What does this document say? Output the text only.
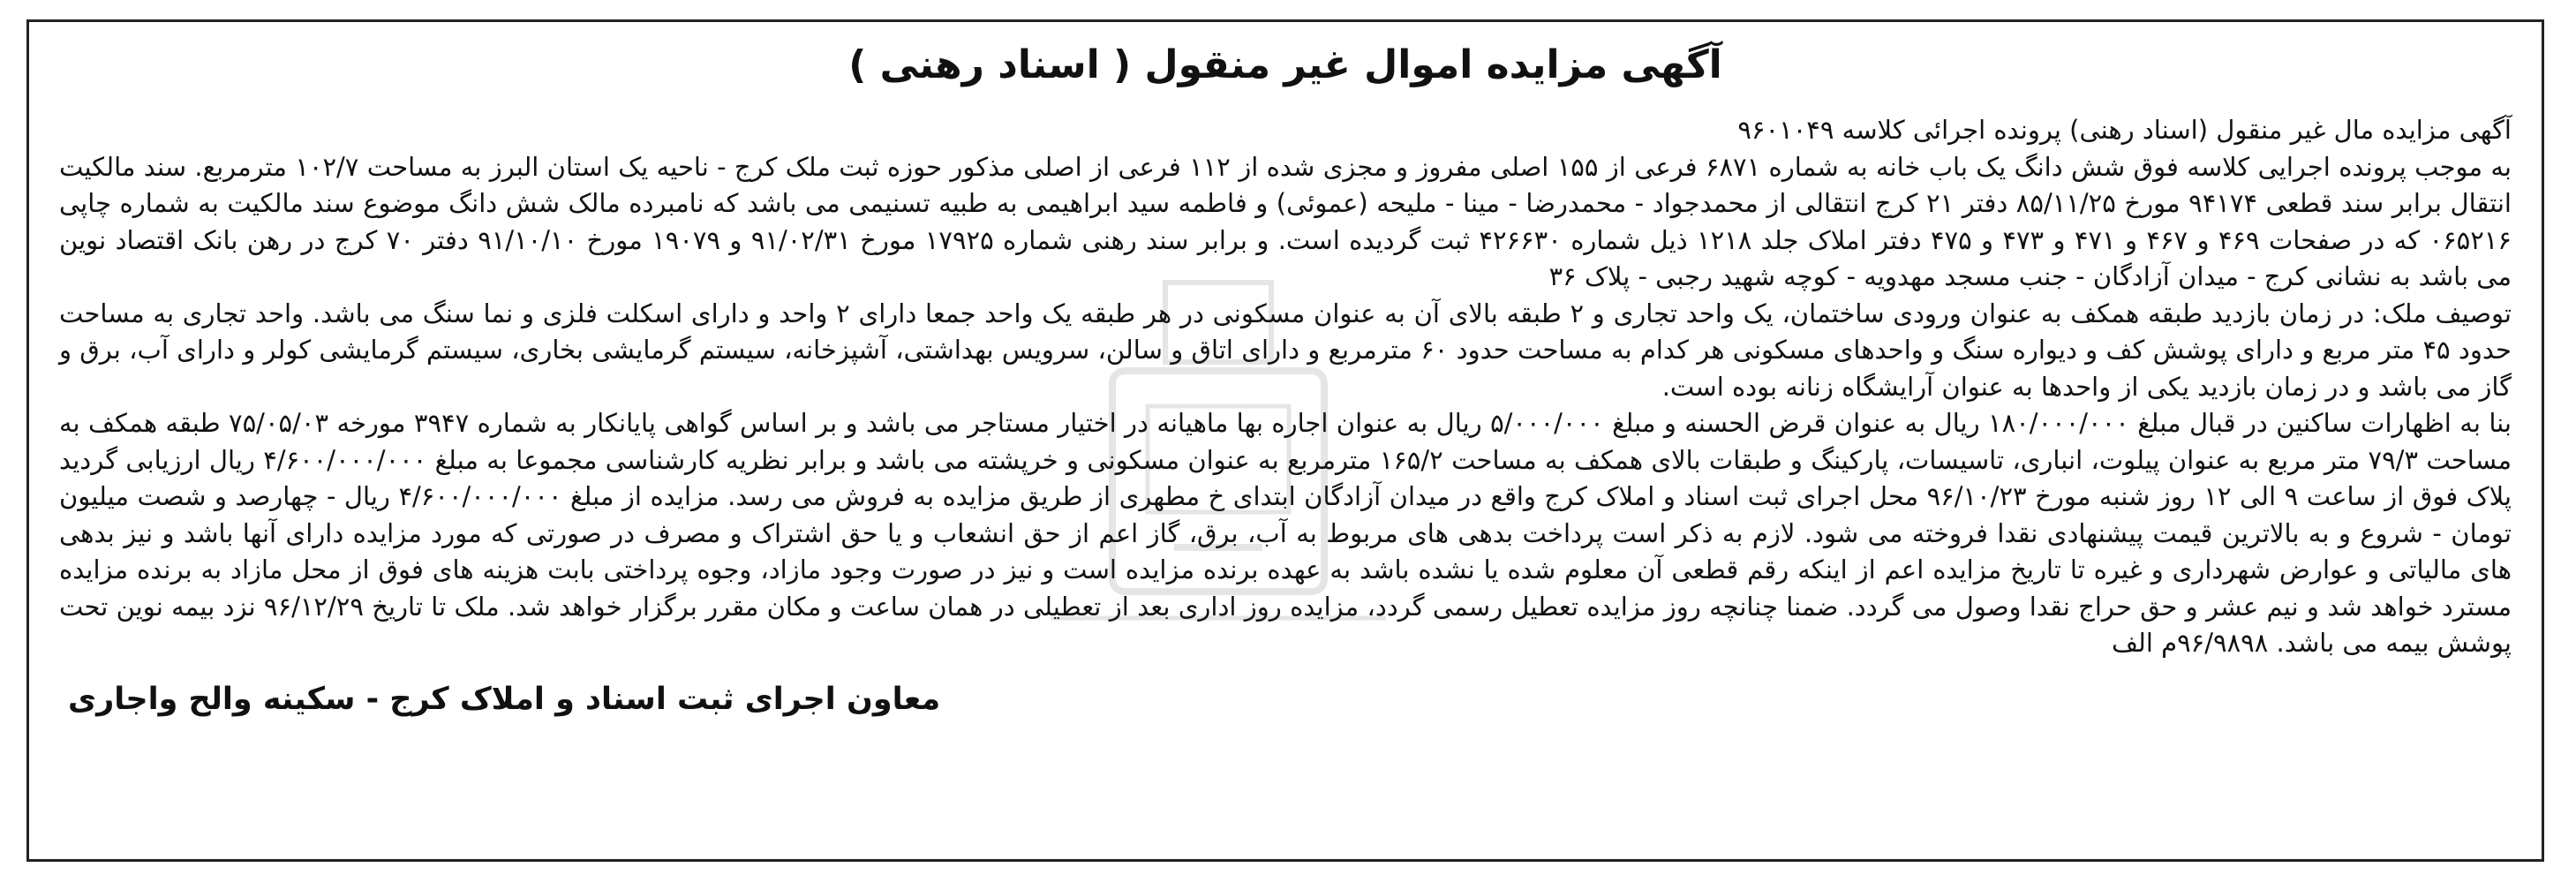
آگهی مزایده اموال غیر منقول ( اسناد رهنی )

آگهی مزایده مال غیر منقول (اسناد رهنی) پرونده اجرائی کلاسه ۹۶۰۱۰۴۹

به موجب پرونده اجرایی کلاسه فوق شش دانگ یک باب خانه به شماره ۶۸۷۱ فرعی از ۱۵۵ اصلی مفروز و مجزی شده از ۱۱۲ فرعی از اصلی مذکور حوزه ثبت ملک کرج - ناحیه یک استان البرز به مساحت ۱۰۲/۷ مترمربع. سند مالکیت انتقال برابر سند قطعی ۹۴۱۷۴ مورخ ۸۵/۱۱/۲۵ دفتر ۲۱ کرج انتقالی از محمدجواد - محمدرضا - مینا - ملیحه (عموئی) و فاطمه سید ابراهیمی به طبیه تسنیمی می باشد که نامبرده مالک شش دانگ موضوع سند مالکیت به شماره چاپی ۰۶۵۲۱۶ که در صفحات ۴۶۹ و ۴۶۷ و ۴۷۱ و ۴۷۳ و ۴۷۵ دفتر املاک جلد ۱۲۱۸ ذیل شماره ۴۲۶۶۳۰ ثبت گردیده است. و برابر سند رهنی شماره ۱۷۹۲۵ مورخ ۹۱/۰۲/۳۱ و ۱۹۰۷۹ مورخ ۹۱/۱۰/۱۰ دفتر ۷۰ کرج در رهن بانک اقتصاد نوین می باشد به نشانی کرج - میدان آزادگان - جنب مسجد مهدویه - کوچه شهید رجبی - پلاک ۳۶

توصیف ملک: در زمان بازدید طبقه همکف به عنوان ورودی ساختمان، یک واحد تجاری و ۲ طبقه بالای آن به عنوان مسکونی در هر طبقه یک واحد جمعا دارای ۲ واحد و دارای اسکلت فلزی و نما سنگ می باشد. واحد تجاری به مساحت حدود ۴۵ متر مربع و دارای پوشش کف و دیواره سنگ و واحدهای مسکونی هر کدام به مساحت حدود ۶۰ مترمربع و دارای اتاق و سالن، سرویس بهداشتی، آشپزخانه، سیستم گرمایشی بخاری، سیستم گرمایشی کولر و دارای آب، برق و گاز می باشد و در زمان بازدید یکی از واحدها به عنوان آرایشگاه زنانه بوده است.

بنا به اظهارات ساکنین در قبال مبلغ ۱۸۰/۰۰۰/۰۰۰ ریال به عنوان قرض الحسنه و مبلغ ۵/۰۰۰/۰۰۰ ریال به عنوان اجاره بها ماهیانه در اختیار مستاجر می باشد و بر اساس گواهی پایانکار به شماره ۳۹۴۷ مورخه ۷۵/۰۵/۰۳ طبقه همکف به مساحت ۷۹/۳ متر مربع به عنوان پیلوت، انباری، تاسیسات، پارکینگ و طبقات بالای همکف به مساحت ۱۶۵/۲ مترمربع به عنوان مسکونی و خرپشته می باشد و برابر نظریه کارشناسی مجموعا به مبلغ ۴/۶۰۰/۰۰۰/۰۰۰ ریال ارزیابی گردید پلاک فوق از ساعت ۹ الی ۱۲ روز شنبه مورخ ۹۶/۱۰/۲۳ محل اجرای ثبت اسناد و املاک کرج واقع در میدان آزادگان ابتدای خ مطهری از طریق مزایده به فروش می رسد. مزایده از مبلغ ۴/۶۰۰/۰۰۰/۰۰۰ ریال - چهارصد و شصت میلیون تومان - شروع و به بالاترین قیمت پیشنهادی نقدا فروخته می شود. لازم به ذکر است پرداخت بدهی های مربوط به آب، برق، گاز اعم از حق انشعاب و یا حق اشتراک و مصرف در صورتی که مورد مزایده دارای آنها باشد و نیز بدهی های مالیاتی و عوارض شهرداری و غیره تا تاریخ مزایده اعم از اینکه رقم قطعی آن معلوم شده یا نشده باشد به عهده برنده مزایده است و نیز در صورت وجود مازاد، وجوه پرداختی بابت هزینه های فوق از محل مازاد به برنده مزایده مسترد خواهد شد و نیم عشر و حق حراج نقدا وصول می گردد. ضمنا چنانچه روز مزایده تعطیل رسمی گردد، مزایده روز اداری بعد از تعطیلی در همان ساعت و مکان مقرر برگزار خواهد شد. ملک تا تاریخ ۹۶/۱۲/۲۹ نزد بیمه نوین تحت پوشش بیمه می باشد. ۹۶/۹۸۹۸م الف

معاون اجرای ثبت اسناد و املاک کرج - سکینه والح واجاری
